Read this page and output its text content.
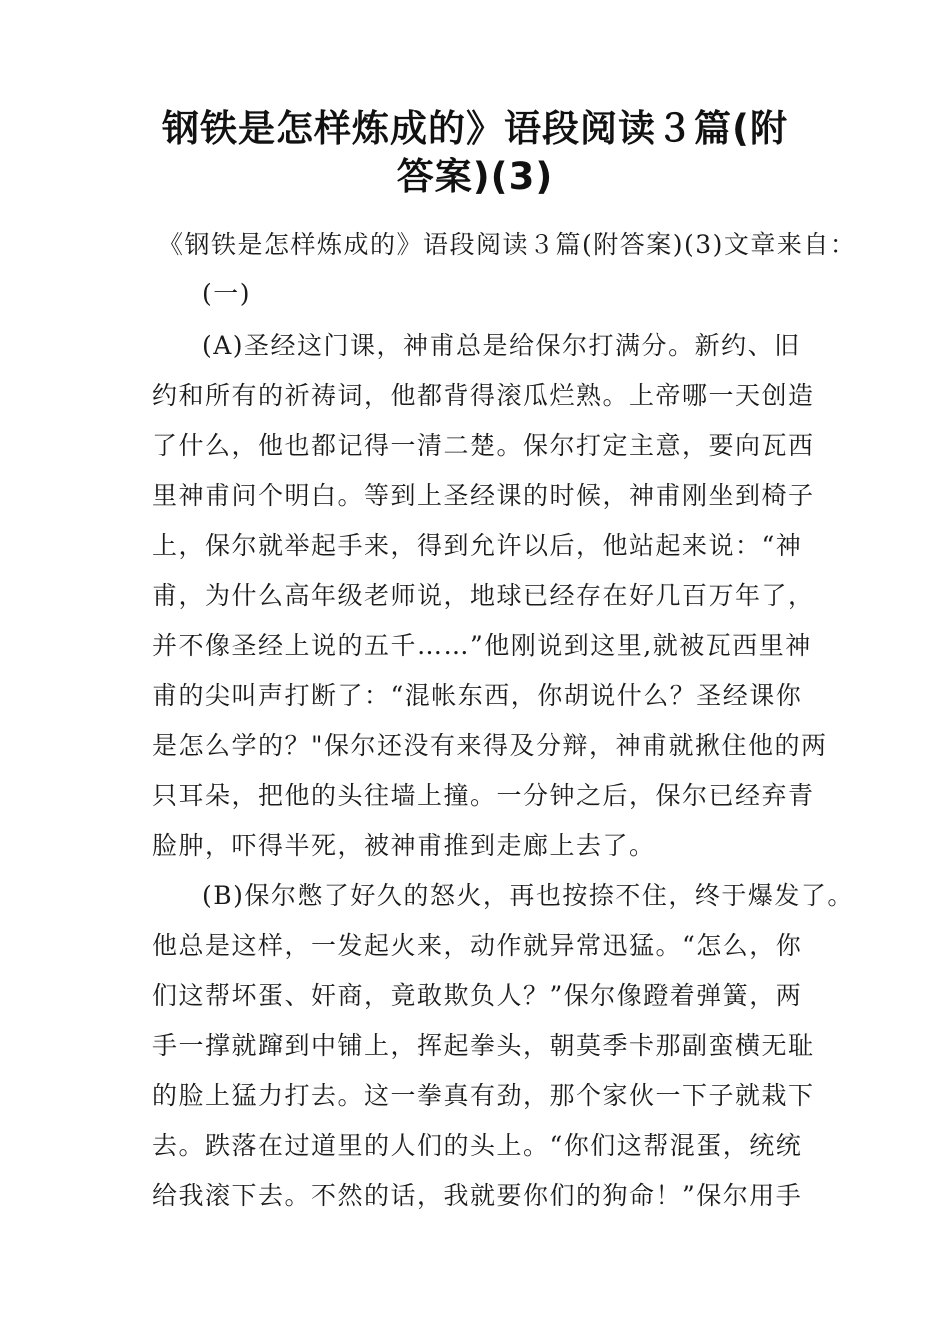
钢铁是怎样炼成的》语段阅读３篇(附
答案)(3)
《钢铁是怎样炼成的》语段阅读３篇(附答案)(3)文章来自：
(一)
(A)圣经这门课，神甫总是给保尔打满分。新约、旧
约和所有的祈祷词，他都背得滚瓜烂熟。上帝哪一天创造
了什么，他也都记得一清二楚。保尔打定主意，要向瓦西
里神甫问个明白。等到上圣经课的时候，神甫刚坐到椅子
上，保尔就举起手来，得到允许以后，他站起来说：“神
甫，为什么高年级老师说，地球已经存在好几百万年了，
并不像圣经上说的五千……”他刚说到这里,就被瓦西里神
甫的尖叫声打断了：“混帐东西，你胡说什么？圣经课你
是怎么学的？"保尔还没有来得及分辩，神甫就揪住他的两
只耳朵，把他的头往墙上撞。一分钟之后，保尔已经弃青
脸肿，吓得半死，被神甫推到走廊上去了。
(B)保尔憋了好久的怒火，再也按捺不住，终于爆发了。
他总是这样，一发起火来，动作就异常迅猛。“怎么，你
们这帮坏蛋、奸商，竟敢欺负人？”保尔像蹬着弹簧，两
手一撑就蹿到中铺上，挥起拳头，朝莫季卡那副蛮横无耻
的脸上猛力打去。这一拳真有劲，那个家伙一下子就栽下
去。跌落在过道里的人们的头上。“你们这帮混蛋，统统
给我滚下去。不然的话，我就要你们的狗命！”保尔用手
